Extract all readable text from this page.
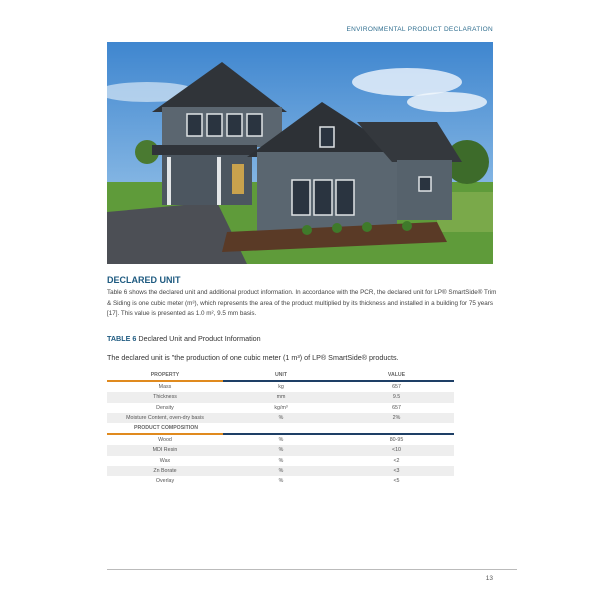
ENVIRONMENTAL PRODUCT DECLARATION
DECLARED UNIT

Table 6 shows the declared unit and additional product information. In accordance with the PCR, the declared unit for LP® SmartSide® Trim & Siding is one cubic meter (m³), which represents the area of the product multiplied by its thickness and installed in a building for 75 years [17]. This value is presented as 1.0 m², 9.5 mm basis.

TABLE 6 Declared Unit and Product Information
The declared unit is "the production of one cubic meter (1 m³) of LP® SmartSide® products.
PROPERTY	UNIT	VALUE
Mass	kg	657
Thickness	mm	9.5
Density	kg/m³	657
Moisture Content, oven-dry basis	%	2%
PRODUCT COMPOSITION
Wood	%	80-95
MDI Resin	%	<10
Wax	%	<2
Zn Borate	%	<3
Overlay	%	<5
13
